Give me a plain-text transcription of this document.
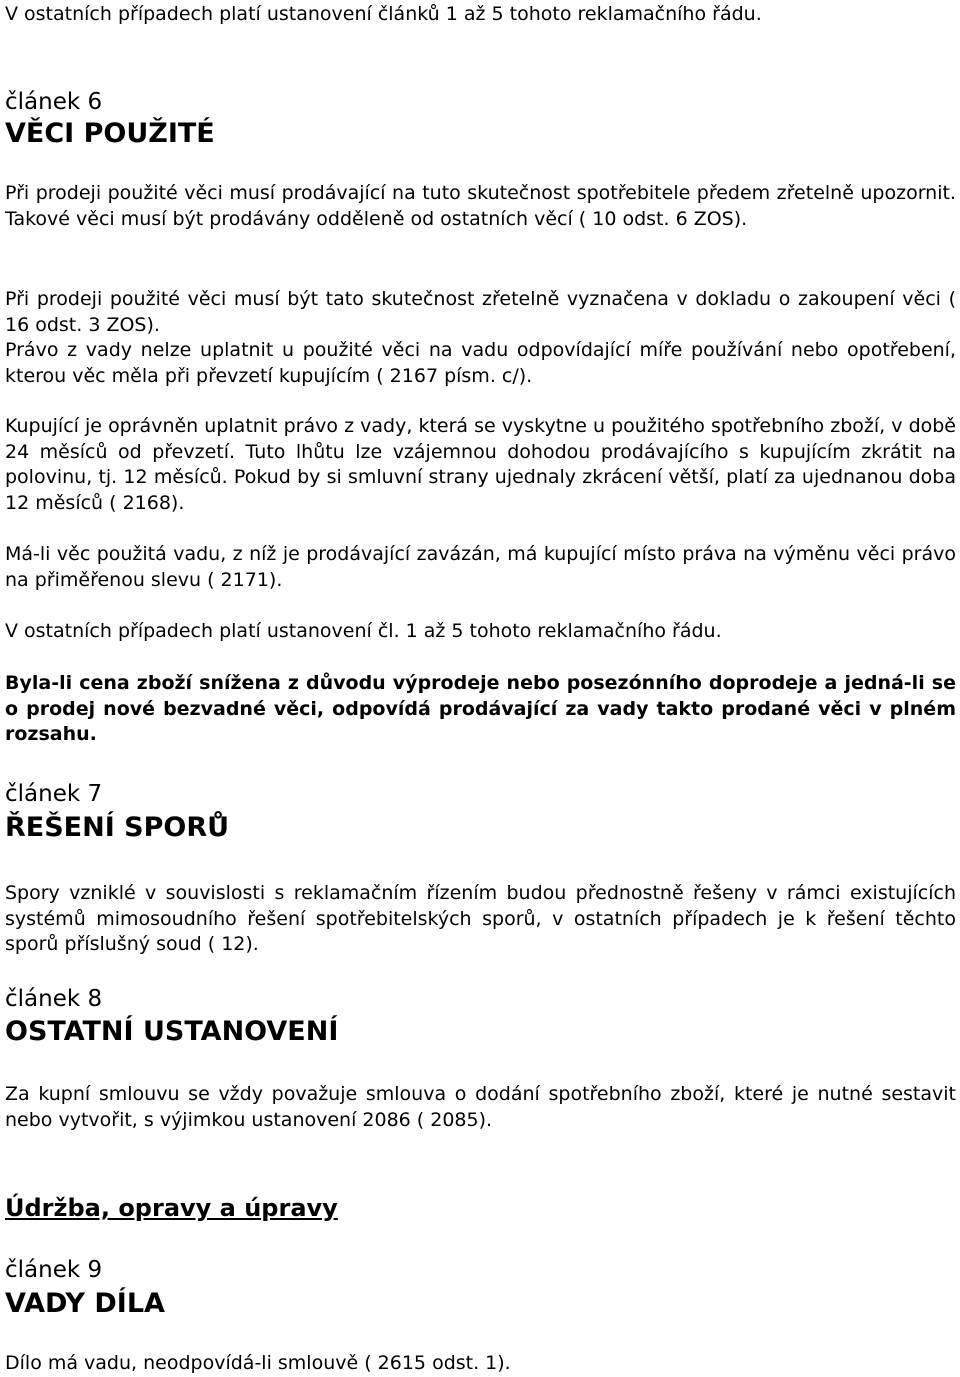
V ostatních případech platí ustanovení článků 1 až 5 tohoto reklamačního řádu.

článek 6
VĚCI POUŽITÉ

Při prodeji použité věci musí prodávající na tuto skutečnost spotřebitele předem zřetelně upozornit. Takové věci musí být prodávány odděleně od ostatních věcí ( 10 odst. 6 ZOS).

Při prodeji použité věci musí být tato skutečnost zřetelně vyznačena v dokladu o zakoupení věci ( 16 odst. 3 ZOS).

Právo z vady nelze uplatnit u použité věci na vadu odpovídající míře používání nebo opotřebení, kterou věc měla při převzetí kupujícím ( 2167 písm. c/).

Kupující je oprávněn uplatnit právo z vady, která se vyskytne u použitého spotřebního zboží, v době 24 měsíců od převzetí. Tuto lhůtu lze vzájemnou dohodou prodávajícího s kupujícím zkrátit na polovinu, tj. 12 měsíců. Pokud by si smluvní strany ujednaly zkrácení větší, platí za ujednanou doba 12 měsíců ( 2168).

Má-li věc použitá vadu, z níž je prodávající zavázán, má kupující místo práva na výměnu věci právo na přiměřenou slevu ( 2171).

V ostatních případech platí ustanovení čl. 1 až 5 tohoto reklamačního řádu.

Byla-li cena zboží snížena z důvodu výprodeje nebo posezónního doprodeje a jedná-li se o prodej nové bezvadné věci, odpovídá prodávající za vady takto prodané věci v plném rozsahu.

článek 7
ŘEŠENÍ SPORŮ

Spory vzniklé v souvislosti s reklamačním řízením budou přednostně řešeny v rámci existujících systémů mimosoudního řešení spotřebitelských sporů, v ostatních případech je k řešení těchto sporů příslušný soud ( 12).

článek 8
OSTATNÍ USTANOVENÍ

Za kupní smlouvu se vždy považuje smlouva o dodání spotřebního zboží, které je nutné sestavit nebo vytvořit, s výjimkou ustanovení 2086 ( 2085).

Údržba, opravy a úpravy
článek 9
VADY DÍLA

Dílo má vadu, neodpovídá-li smlouvě ( 2615 odst. 1).
